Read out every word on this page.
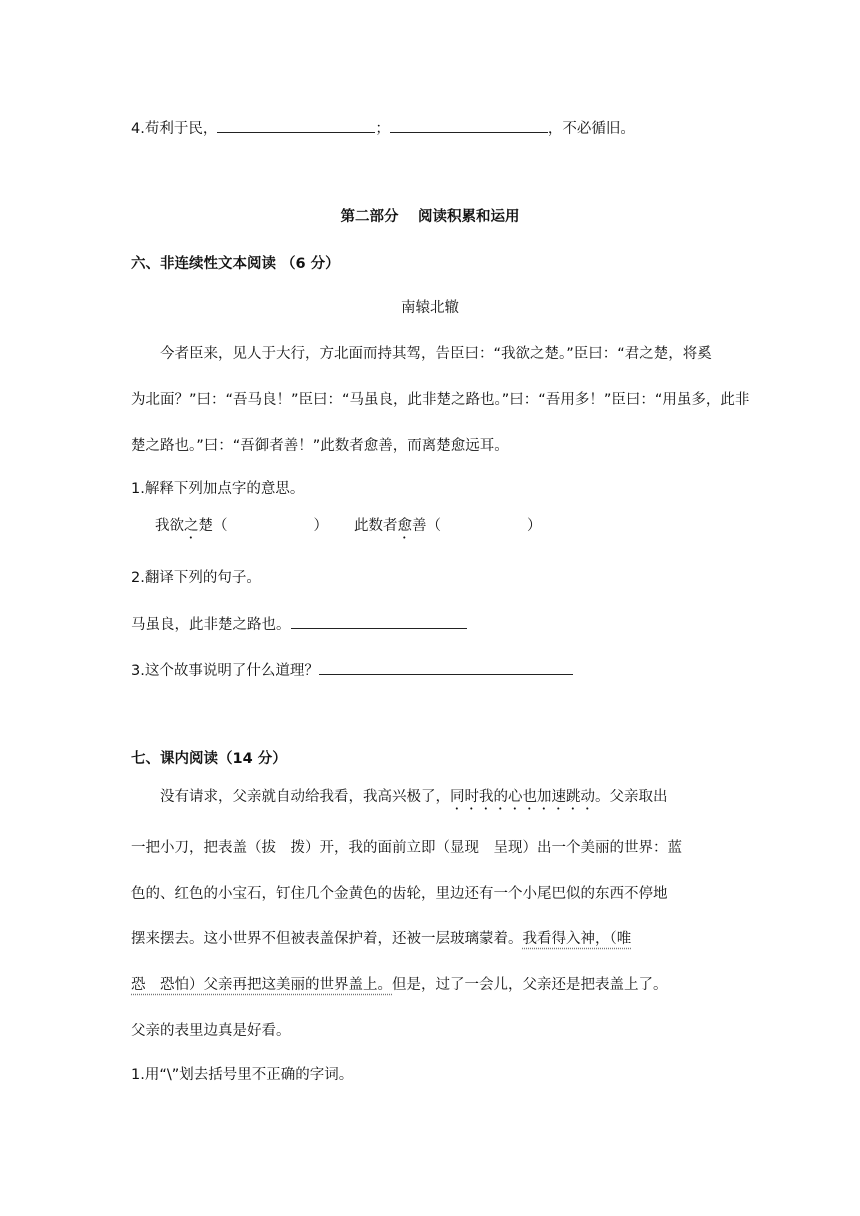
4.苟利于民，	；	，不必循旧。
第二部分　 阅读积累和运用
六、非连续性文本阅读 （6 分）
南辕北辙
今者臣来，见人于大行，方北面而持其驾，告臣曰：“我欲之楚。”臣曰：“君之楚，将奚
为北面？”曰：“吾马良！”臣曰：“马虽良，此非楚之路也。”曰：“吾用多！”臣曰：“用虽多，此非
楚之路也。”曰：“吾御者善！”此数者愈善，而离楚愈远耳。
1.解释下列加点字的意思。
我欲之楚（	） 此数者愈善（	）
2.翻译下列的句子。
马虽良，此非楚之路也。
3.这个故事说明了什么道理？
七、课内阅读（14 分）
没有请求，父亲就自动给我看，我高兴极了，同时我的心也加速跳动。父亲取出
一把小刀，把表盖（拔　拨）开，我的面前立即（显现　呈现）出一个美丽的世界：蓝
色的、红色的小宝石，钉住几个金黄色的齿轮，里边还有一个小尾巴似的东西不停地
摆来摆去。这小世界不但被表盖保护着，还被一层玻璃蒙着。我看得入神，（唯
恐　恐怕）父亲再把这美丽的世界盖上。但是，过了一会儿，父亲还是把表盖上了。
父亲的表里边真是好看。
1.用“\”划去括号里不正确的字词。
